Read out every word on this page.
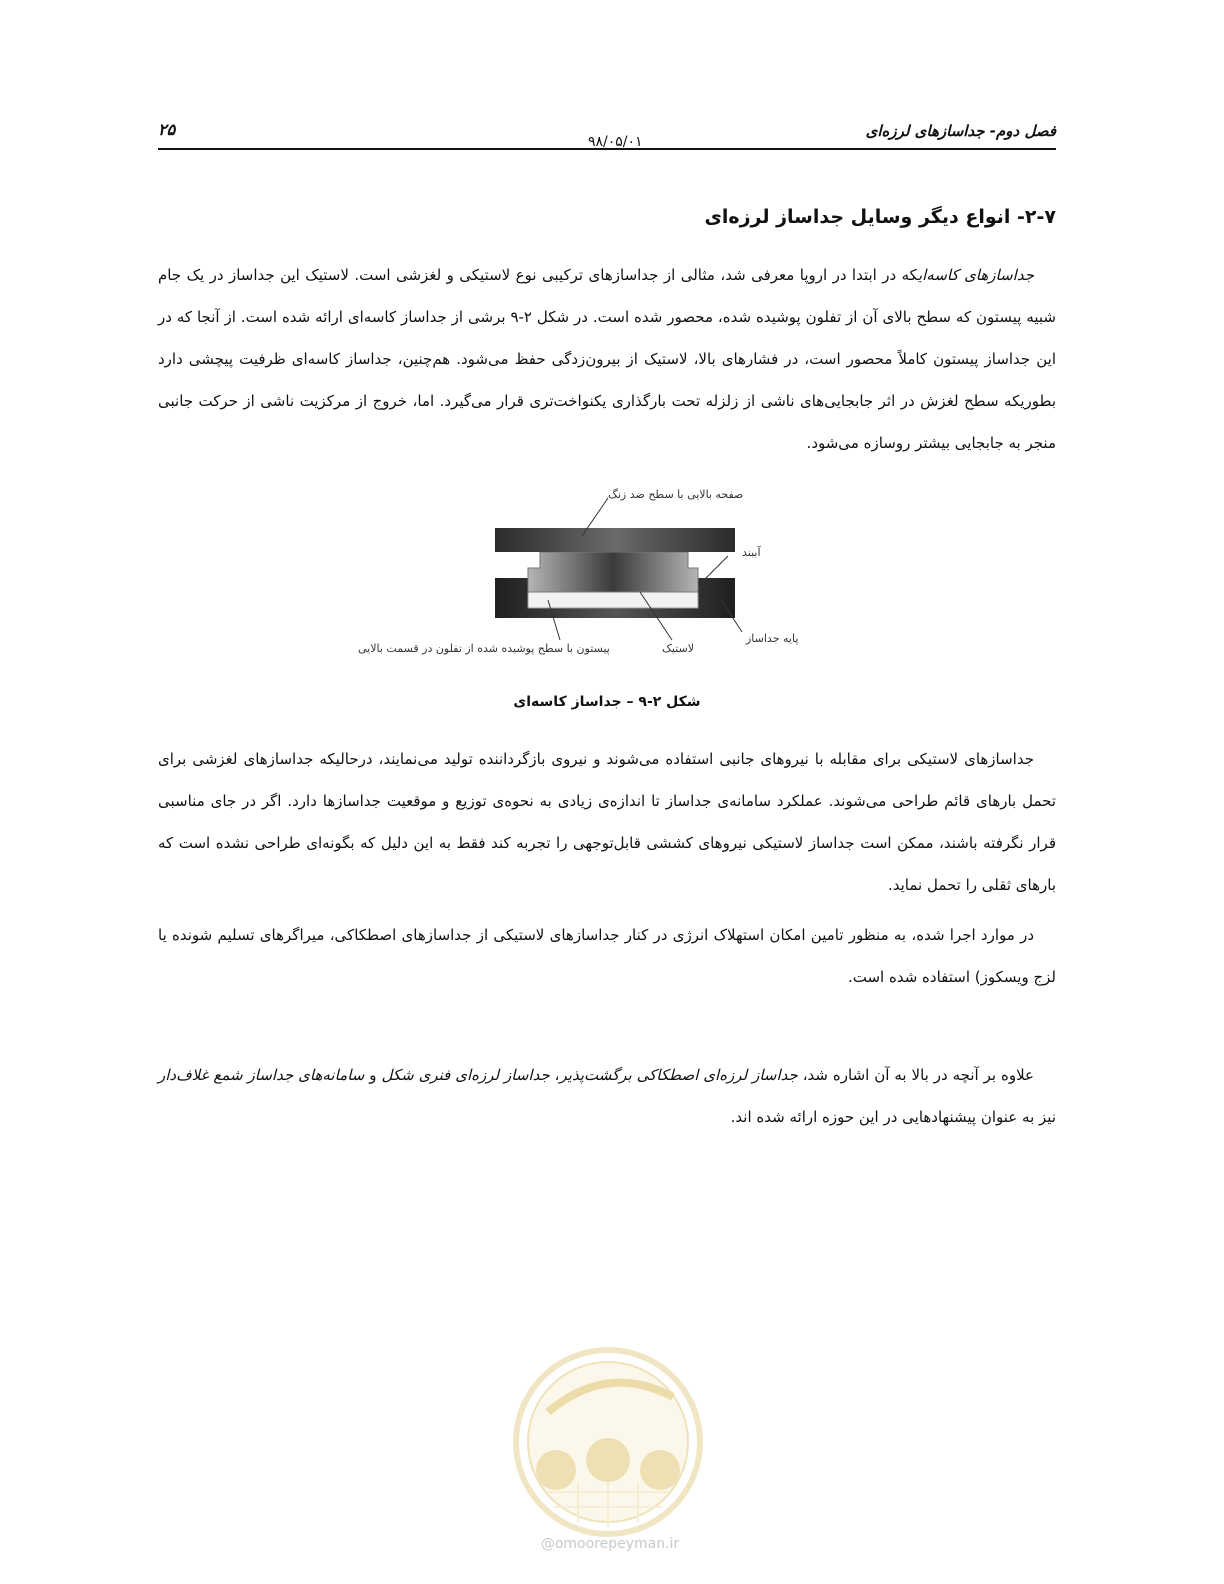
فصل دوم- جداسازهای لرزه‌ای
۲۵
۹۸/۰۵/۰۱
۲-۷- انواع دیگر وسایل جداساز لرزه‌ای
جداسازهای کاسه‌ایکه در ابتدا در اروپا معرفی شد، مثالی از جداسازهای ترکیبی نوع لاستیکی و لغزشی است. لاستیک این جداساز در یک جام شبیه پیستون که سطح بالای آن از تفلون پوشیده شده، محصور شده است. در شکل ۲-۹ برشی از جداساز کاسه‌ای ارائه شده است. از آنجا که در این جداساز پیستون کاملاً محصور است، در فشارهای بالا، لاستیک از بیرون‌زدگی حفظ می‌شود. هم‌چنین، جداساز کاسه‌ای ظرفیت پیچشی دارد بطوریکه سطح لغزش در اثر جابجایی‌های ناشی از زلزله تحت بارگذاری یکنواخت‌تری قرار می‌گیرد. اما، خروج از مرکزیت ناشی از حرکت جانبی منجر به جابجایی بیشتر روسازه می‌شود.
صفحه بالایی با سطح ضد زنگ
آببند
پایه جداساز
لاستیک
پیستون با سطح پوشیده شده از تفلون در قسمت بالایی
شکل ۲-۹ – جداساز کاسه‌ای
جداسازهای لاستیکی برای مقابله با نیروهای جانبی استفاده می‌شوند و نیروی بازگرداننده تولید می‌نمایند، درحالیکه جداسازهای لغزشی برای تحمل بارهای قائم طراحی می‌شوند. عملکرد سامانه‌ی جداساز تا اندازه‌ی زیادی به نحوه‌ی توزیع و موقعیت جداسازها دارد. اگر در جای مناسبی قرار نگرفته باشند، ممکن است جداساز لاستیکی نیروهای کششی قابل‌توجهی را تجربه کند فقط به این دلیل که بگونه‌ای طراحی نشده است که بارهای ثقلی را تحمل نماید.
در موارد اجرا شده، به منظور تامین امکان استهلاک انرژی در کنار جداسازهای لاستیکی از جداسازهای اصطکاکی، میراگرهای تسلیم شونده یا لزج ویسکوز) استفاده شده است.
علاوه بر آنچه در بالا به آن اشاره شد، جداساز لرزه‌ای اصطکاکی برگشت‌پذیر، جداساز لرزه‌ای فنری شکل و سامانه‌های جداساز شمع غلاف‌دار نیز به عنوان پیشنهادهایی در این حوزه ارائه شده اند.
@omoorepeyman.ir
